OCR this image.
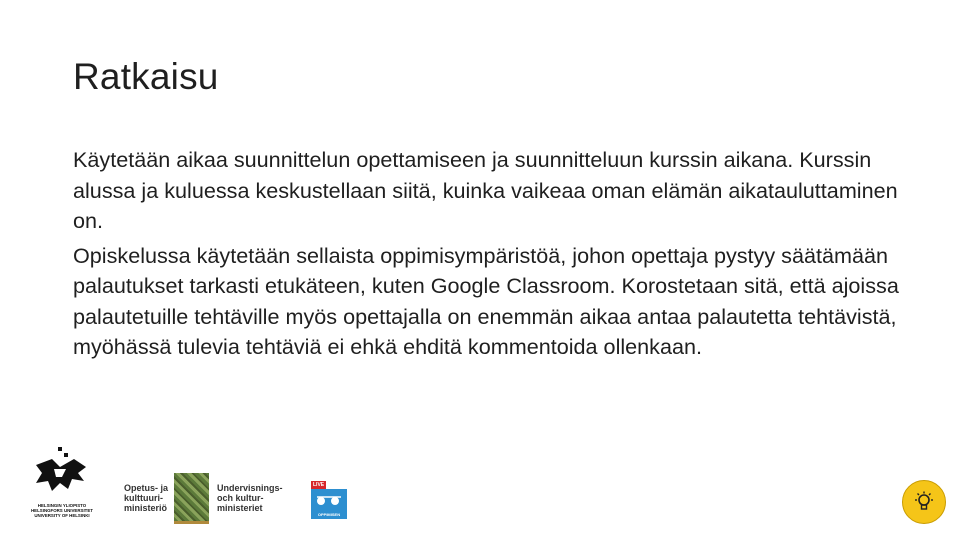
Ratkaisu

Käytetään aikaa suunnittelun opettamiseen ja suunnitteluun kurssin aikana. Kurssin alussa ja kuluessa keskustellaan siitä, kuinka vaikeaa oman elämän aikatauluttaminen on.

Opiskelussa käytetään sellaista oppimisympäristöä, johon opettaja pystyy säätämään palautukset tarkasti etukäteen, kuten Google Classroom. Korostetaan sitä, että ajoissa palautetuille tehtäville myös opettajalla on enemmän aikaa antaa palautetta tehtävistä, myöhässä tulevia tehtäviä ei ehkä ehditä kommentoida ollenkaan.

HELSINGIN YLIOPISTO
HELSINGFORS UNIVERSITET
UNIVERSITY OF HELSINKI
Opetus- ja
kulttuuri-
ministeriö
Undervisnings-
och kultur-
ministeriet
LIVE
OPPIMISEN
